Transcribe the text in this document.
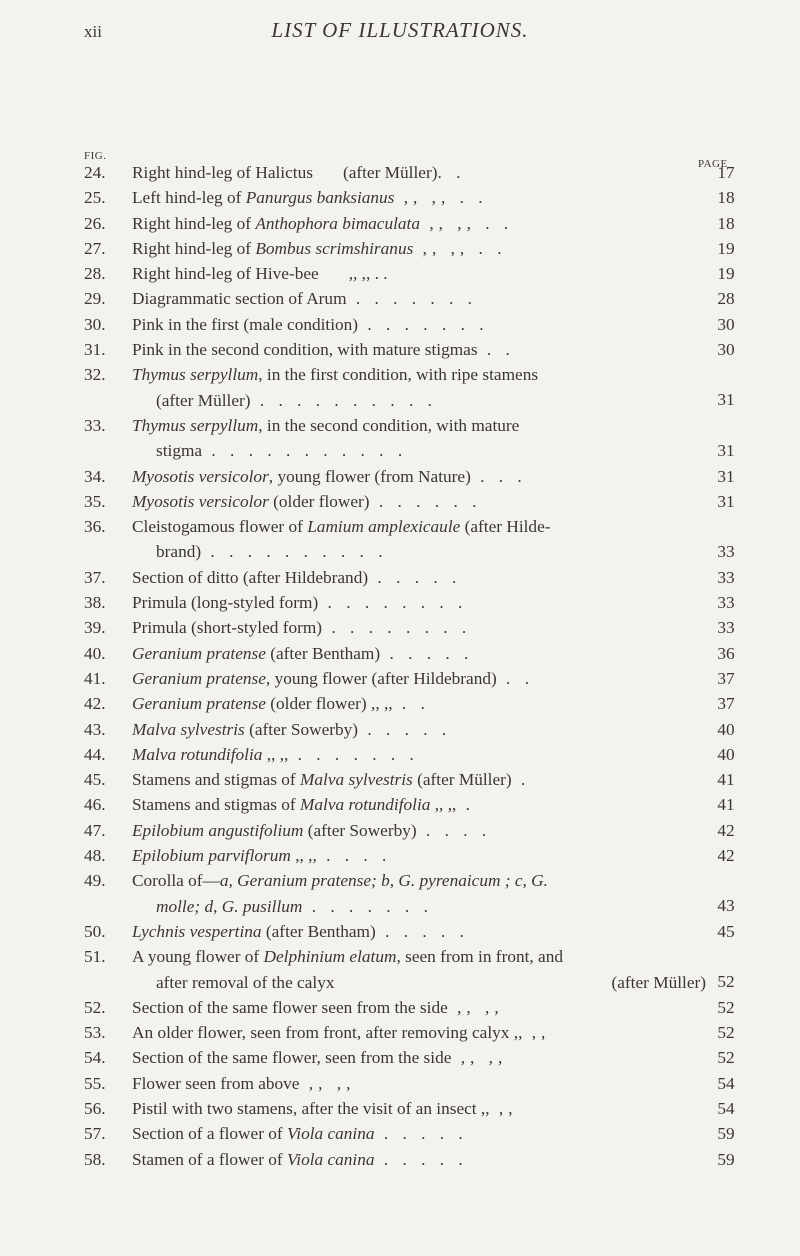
xii	LIST OF ILLUSTRATIONS.
FIG.
PAGE
24. Right hind-leg of Halictus (after Müller). .	17
25. Left hind-leg of Panurgus banksianus ,, ,, . .	18
26. Right hind-leg of Anthophora bimaculata ,, ,, . .	18
27. Right hind-leg of Bombus scrimshiranus ,, ,, . .	19
28. Right hind-leg of Hive-bee ,, ,, . .	19
29. Diagrammatic section of Arum . . . . . . .	28
30. Pink in the first (male condition) . . . . . . .	30
31. Pink in the second condition, with mature stigmas . .	30
32. Thymus serpyllum, in the first condition, with ripe stamens
(after Müller) . . . . . . . . . .	31
33. Thymus serpyllum, in the second condition, with mature
stigma . . . . . . . . . . .	31
34. Myosotis versicolor, young flower (from Nature) . . .	31
35. Myosotis versicolor (older flower) . . . . . .	31
36. Cleistogamous flower of Lamium amplexicaule (after Hilde-
brand) . . . . . . . . . .	33
37. Section of ditto (after Hildebrand) . . . . .	33
38. Primula (long-styled form) . . . . . . . .	33
39. Primula (short-styled form) . . . . . . . .	33
40. Geranium pratense (after Bentham) . . . . .	36
41. Geranium pratense, young flower (after Hildebrand) . .	37
42. Geranium pratense (older flower) ,, ,, . .	37
43. Malva sylvestris (after Sowerby) . . . . .	40
44. Malva rotundifolia ,, ,, . . . . . . .	40
45. Stamens and stigmas of Malva sylvestris (after Müller) .	41
46. Stamens and stigmas of Malva rotundifolia ,, ,, .	41
47. Epilobium angustifolium (after Sowerby) . . . .	42
48. Epilobium parviflorum ,, ,, . . . .	42
49. Corolla of—a, Geranium pratense; b, G. pyrenaicum ; c, G.
molle; d, G. pusillum . . . . . . .	43
50. Lychnis vespertina (after Bentham) . . . . .	45
51. A young flower of Delphinium elatum, seen from in front, and
after removal of the calyx	(after Müller) 52
52. Section of the same flower seen from the side ,, ,,	52
53. An older flower, seen from front, after removing calyx ,, ,,	52
54. Section of the same flower, seen from the side ,, ,,	52
55. Flower seen from above ,, ,,	54
56. Pistil with two stamens, after the visit of an insect ,, ,,	54
57. Section of a flower of Viola canina . . . . .	59
58. Stamen of a flower of Viola canina . . . . .	59
